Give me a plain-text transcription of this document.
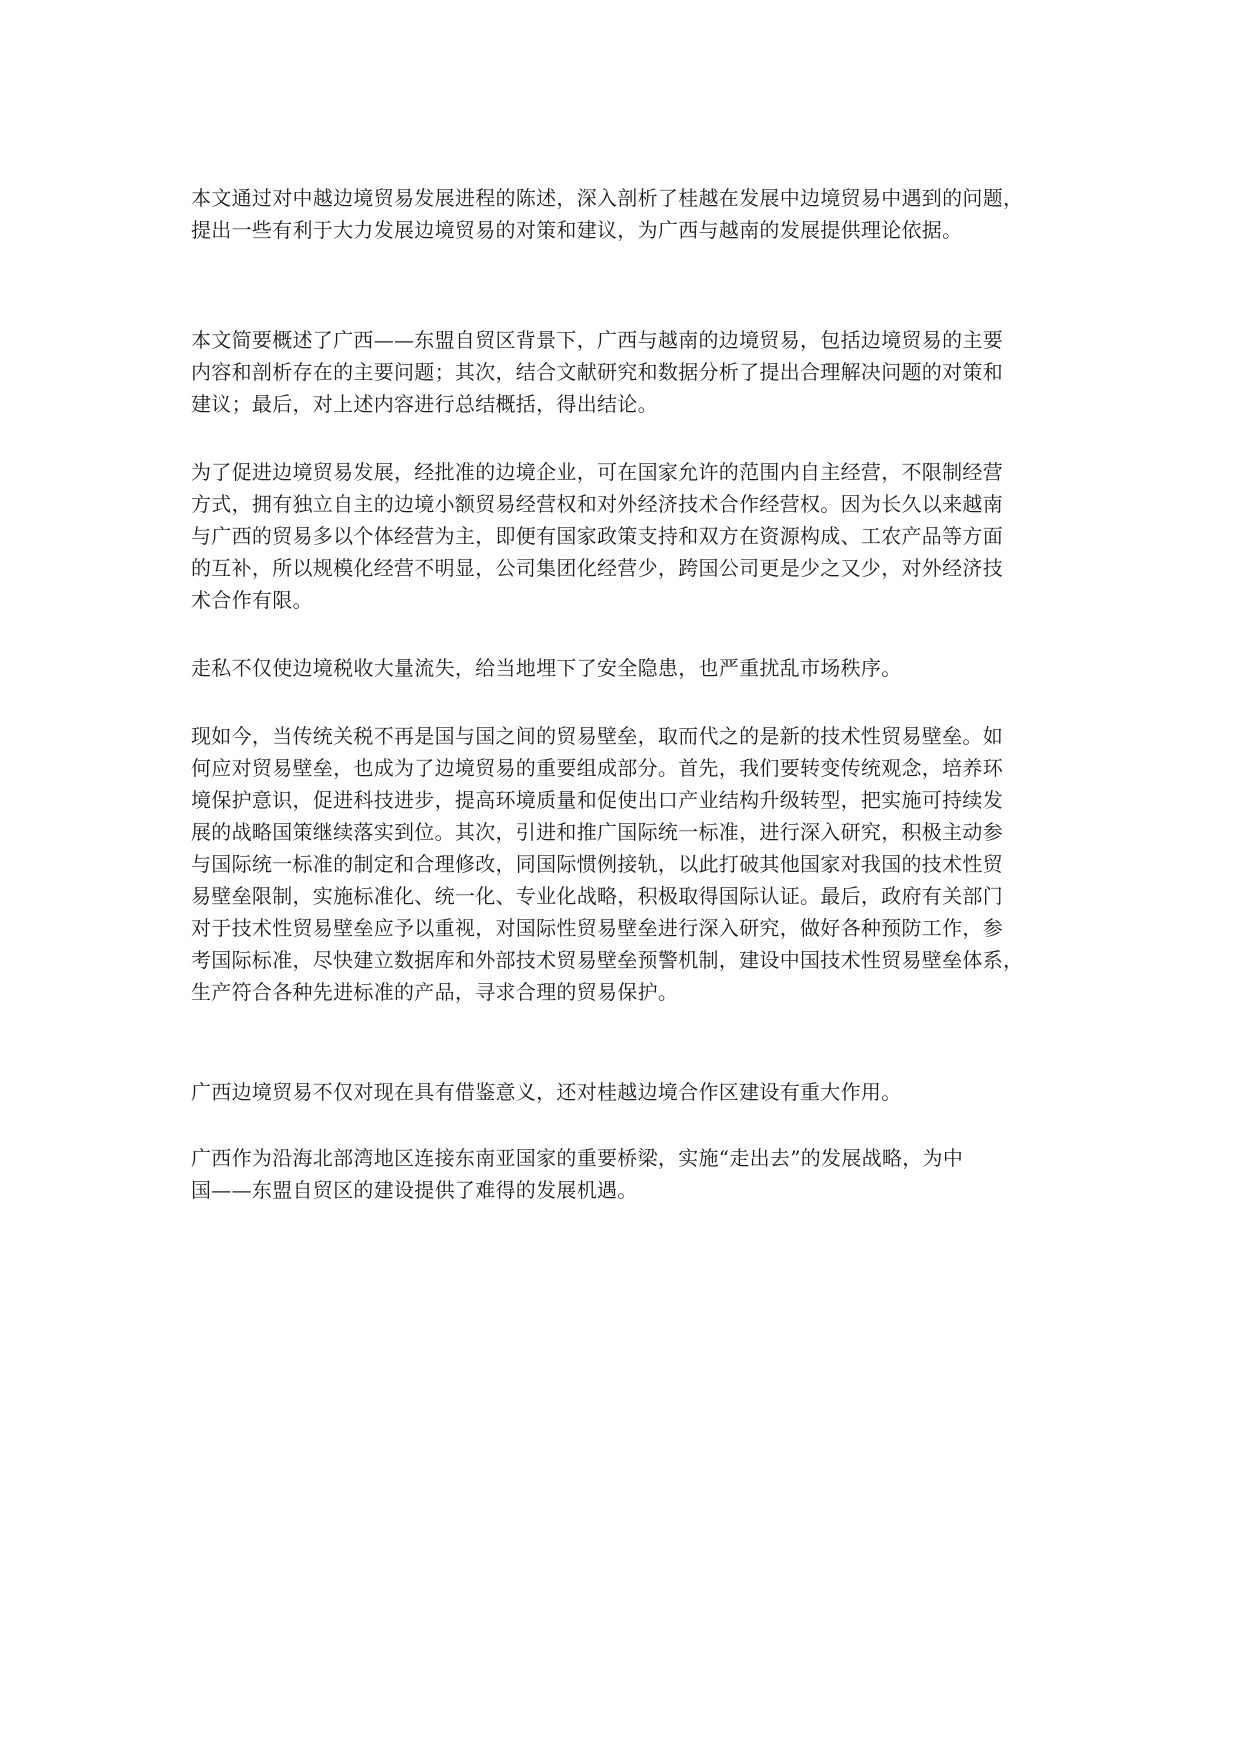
本文通过对中越边境贸易发展进程的陈述，深入剖析了桂越在发展中边境贸易中遇到的问题，
提出一些有利于大力发展边境贸易的对策和建议，为广西与越南的发展提供理论依据。

本文简要概述了广西——东盟自贸区背景下，广西与越南的边境贸易，包括边境贸易的主要
内容和剖析存在的主要问题；其次，结合文献研究和数据分析了提出合理解决问题的对策和
建议；最后，对上述内容进行总结概括，得出结论。

为了促进边境贸易发展，经批准的边境企业，可在国家允许的范围内自主经营，不限制经营
方式，拥有独立自主的边境小额贸易经营权和对外经济技术合作经营权。因为长久以来越南
与广西的贸易多以个体经营为主，即便有国家政策支持和双方在资源构成、工农产品等方面
的互补，所以规模化经营不明显，公司集团化经营少，跨国公司更是少之又少，对外经济技
术合作有限。

走私不仅使边境税收大量流失，给当地埋下了安全隐患，也严重扰乱市场秩序。

现如今，当传统关税不再是国与国之间的贸易壁垒，取而代之的是新的技术性贸易壁垒。如
何应对贸易壁垒，也成为了边境贸易的重要组成部分。首先，我们要转变传统观念，培养环
境保护意识，促进科技进步，提高环境质量和促使出口产业结构升级转型，把实施可持续发
展的战略国策继续落实到位。其次，引进和推广国际统一标准，进行深入研究，积极主动参
与国际统一标准的制定和合理修改，同国际惯例接轨，以此打破其他国家对我国的技术性贸
易壁垒限制，实施标准化、统一化、专业化战略，积极取得国际认证。最后，政府有关部门
对于技术性贸易壁垒应予以重视，对国际性贸易壁垒进行深入研究，做好各种预防工作，参
考国际标准，尽快建立数据库和外部技术贸易壁垒预警机制，建设中国技术性贸易壁垒体系，
生产符合各种先进标准的产品，寻求合理的贸易保护。

广西边境贸易不仅对现在具有借鉴意义，还对桂越边境合作区建设有重大作用。

广西作为沿海北部湾地区连接东南亚国家的重要桥梁，实施“走出去”的发展战略，为中
国——东盟自贸区的建设提供了难得的发展机遇。
